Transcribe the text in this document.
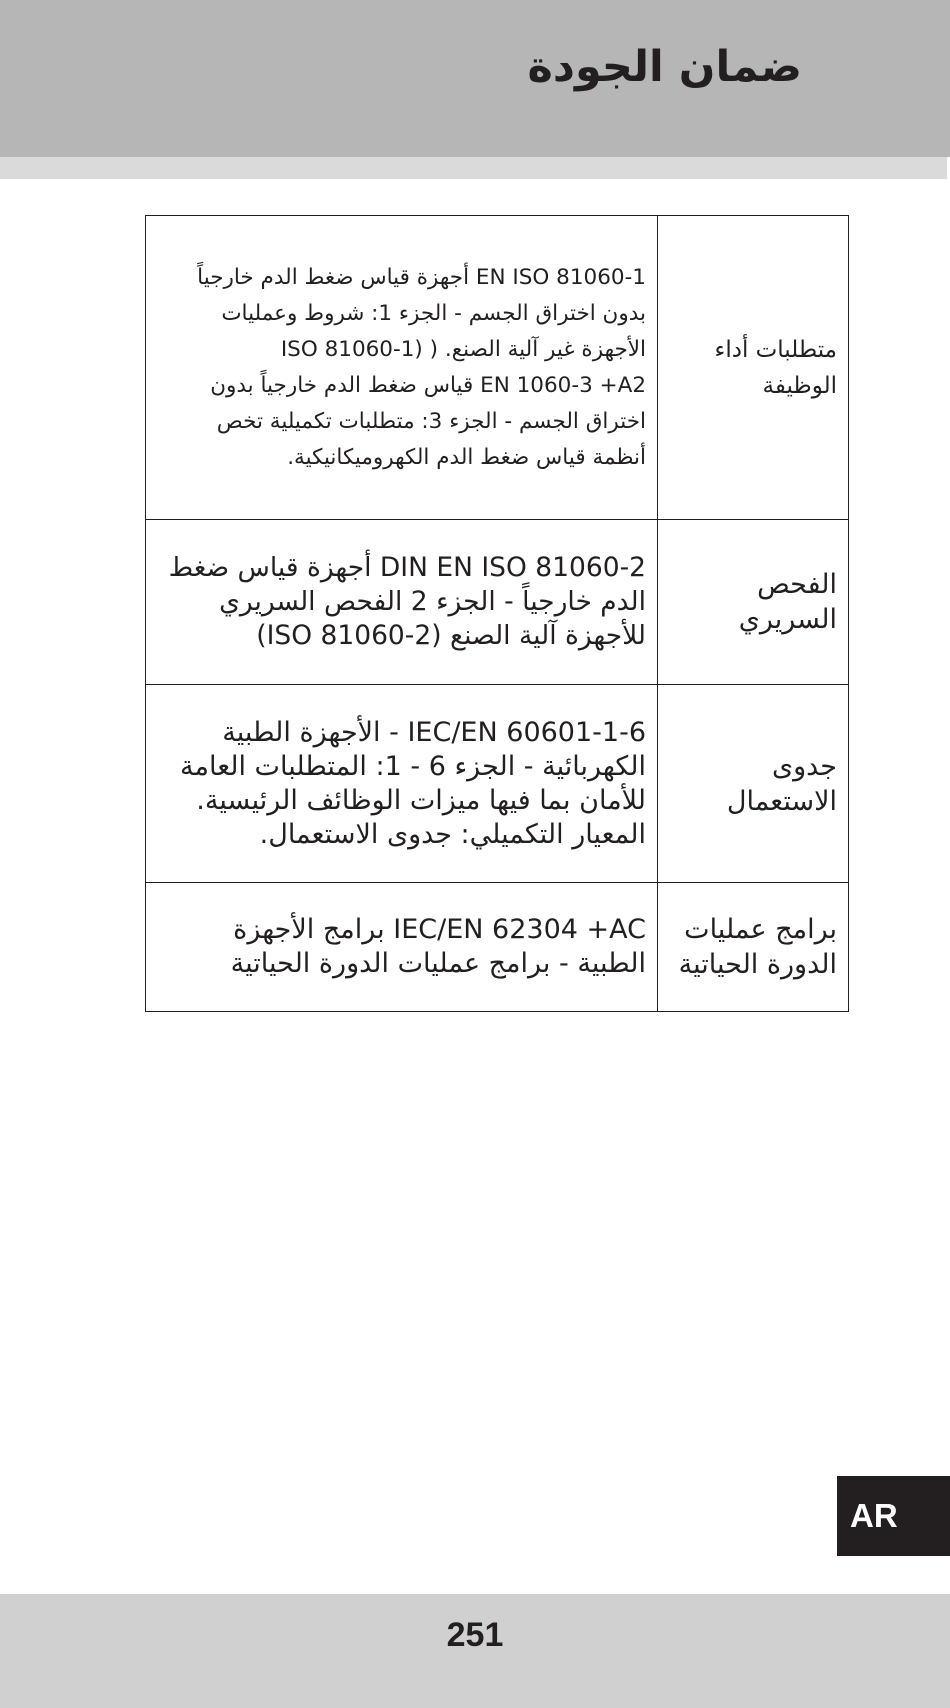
ضمان الجودة
متطلبات أداء الوظيفة	EN ISO 81060-1 أجهزة قياس ضغط الدم خارجياً بدون اختراق الجسم - الجزء 1: شروط وعمليات الأجهزة غير آلية الصنع. ( (ISO 81060-1
EN 1060-3 +A2 قياس ضغط الدم خارجياً بدون اختراق الجسم - الجزء 3: متطلبات تكميلية تخص أنظمة قياس ضغط الدم الكهروميكانيكية.

الفحص السريري	DIN EN ISO 81060-2 أجهزة قياس ضغط الدم خارجياً - الجزء 2 الفحص السريري للأجهزة آلية الصنع (ISO 81060-2)

جدوى الاستعمال	IEC/EN 60601-1-6 - الأجهزة الطبية الكهربائية - الجزء 6 - 1: المتطلبات العامة للأمان بما فيها ميزات الوظائف الرئيسية. المعيار التكميلي: جدوى الاستعمال.

برامج عمليات الدورة الحياتية	IEC/EN 62304 +AC برامج الأجهزة الطبية - برامج عمليات الدورة الحياتية
AR
251
